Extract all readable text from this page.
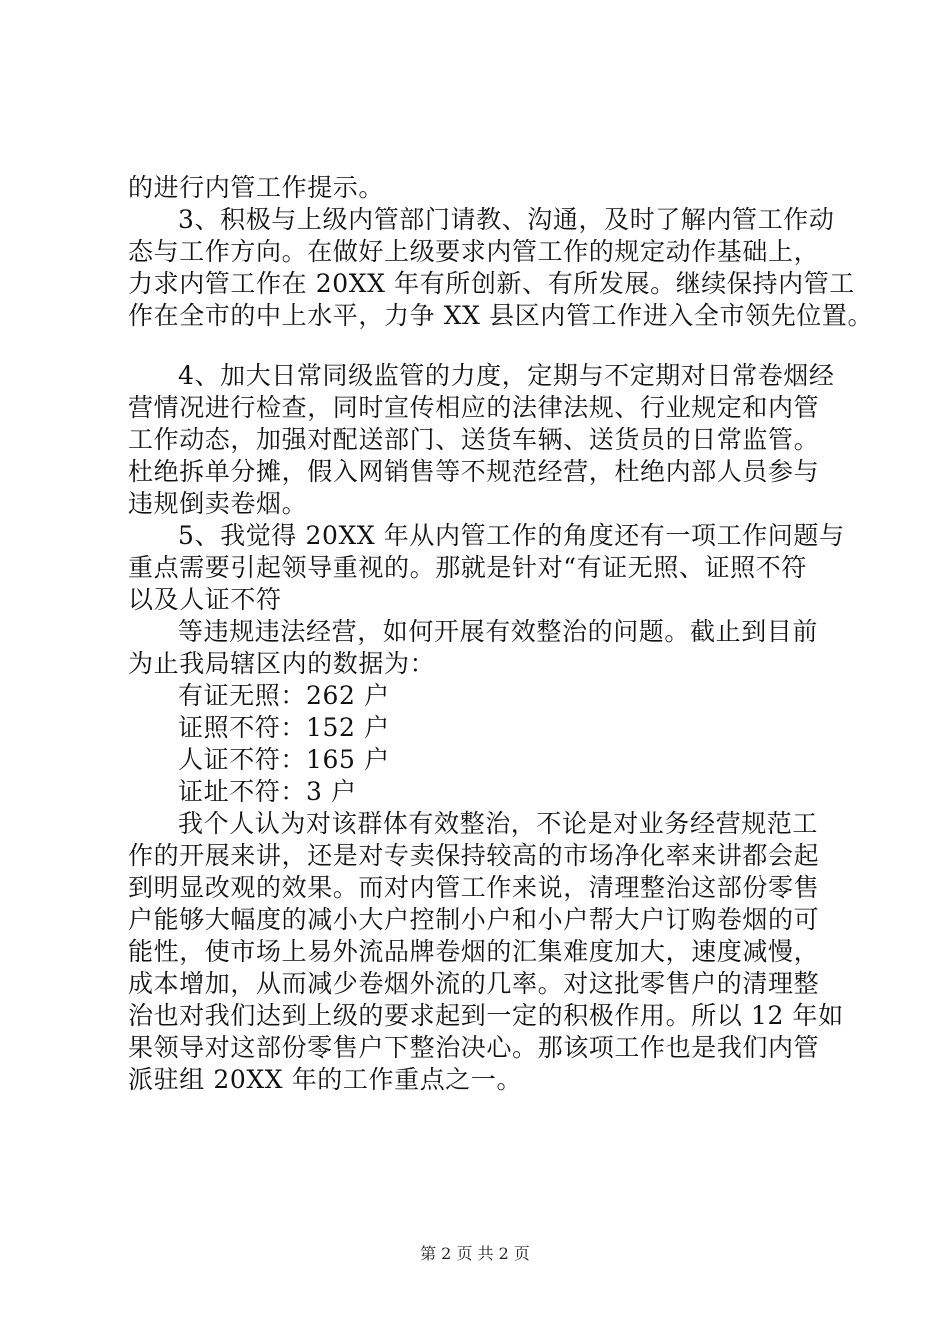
的进行内管工作提示。
3、积极与上级内管部门请教、沟通，及时了解内管工作动
态与工作方向。在做好上级要求内管工作的规定动作基础上，
力求内管工作在 20XX 年有所创新、有所发展。继续保持内管工
作在全市的中上水平，力争 XX 县区内管工作进入全市领先位置。
4、加大日常同级监管的力度，定期与不定期对日常卷烟经
营情况进行检查，同时宣传相应的法律法规、行业规定和内管
工作动态，加强对配送部门、送货车辆、送货员的日常监管。
杜绝拆单分摊，假入网销售等不规范经营，杜绝内部人员参与
违规倒卖卷烟。
5、我觉得 20XX 年从内管工作的角度还有一项工作问题与
重点需要引起领导重视的。那就是针对“有证无照、证照不符
以及人证不符
等违规违法经营，如何开展有效整治的问题。截止到目前
为止我局辖区内的数据为：
有证无照：262 户
证照不符：152 户
人证不符：165 户
证址不符：3 户
我个人认为对该群体有效整治，不论是对业务经营规范工
作的开展来讲，还是对专卖保持较高的市场净化率来讲都会起
到明显改观的效果。而对内管工作来说，清理整治这部份零售
户能够大幅度的减小大户控制小户和小户帮大户订购卷烟的可
能性，使市场上易外流品牌卷烟的汇集难度加大，速度减慢，
成本增加，从而减少卷烟外流的几率。对这批零售户的清理整
治也对我们达到上级的要求起到一定的积极作用。所以 12 年如
果领导对这部份零售户下整治决心。那该项工作也是我们内管
派驻组 20XX 年的工作重点之一。
第 2 页 共 2 页
